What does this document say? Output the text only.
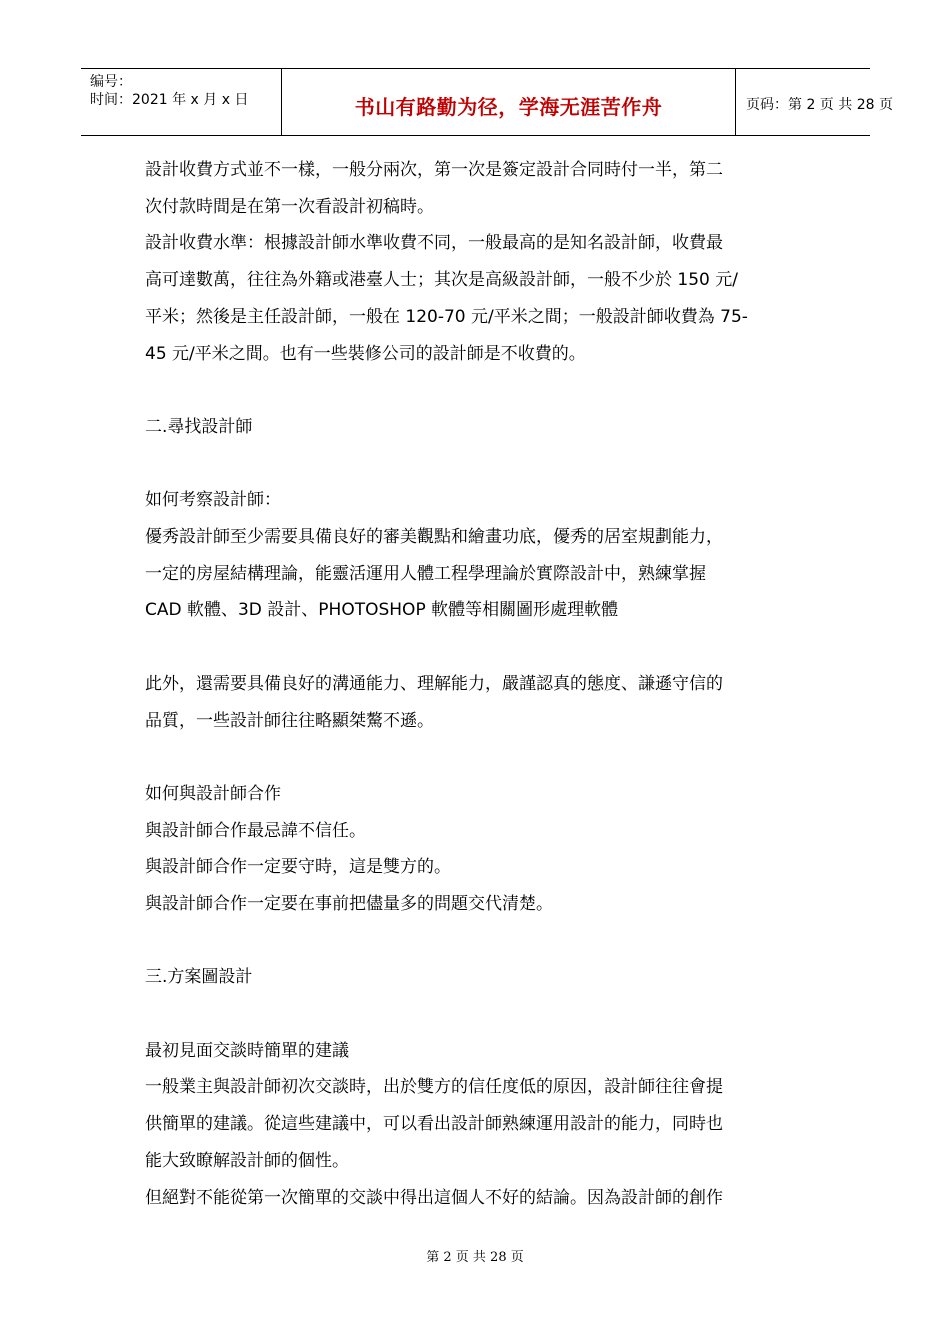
编号：
时间：2021 年 x 月 x 日	书山有路勤为径，学海无涯苦作舟	页码：第 2 页 共 28 页

設計收費方式並不一樣，一般分兩次，第一次是簽定設計合同時付一半，第二

次付款時間是在第一次看設計初稿時。

設計收費水準：根據設計師水準收費不同，一般最高的是知名設計師，收費最

高可達數萬，往往為外籍或港臺人士；其次是高級設計師，一般不少於 150 元/

平米；然後是主任設計師，一般在 120-70 元/平米之間；一般設計師收費為 75-

45 元/平米之間。也有一些裝修公司的設計師是不收費的。

二.尋找設計師

如何考察設計師：

優秀設計師至少需要具備良好的審美觀點和繪畫功底，優秀的居室規劃能力，

一定的房屋結構理論，能靈活運用人體工程學理論於實際設計中，熟練掌握

CAD 軟體、3D 設計、PHOTOSHOP 軟體等相關圖形處理軟體

此外，還需要具備良好的溝通能力、理解能力，嚴謹認真的態度、謙遜守信的

品質，一些設計師往往略顯桀驁不遜。

如何與設計師合作

與設計師合作最忌諱不信任。

與設計師合作一定要守時，這是雙方的。

與設計師合作一定要在事前把儘量多的問題交代清楚。

三.方案圖設計

最初見面交談時簡單的建議

一般業主與設計師初次交談時，出於雙方的信任度低的原因，設計師往往會提

供簡單的建議。從這些建議中，可以看出設計師熟練運用設計的能力，同時也

能大致瞭解設計師的個性。

但絕對不能從第一次簡單的交談中得出這個人不好的結論。因為設計師的創作

第 2 页 共 28 页
